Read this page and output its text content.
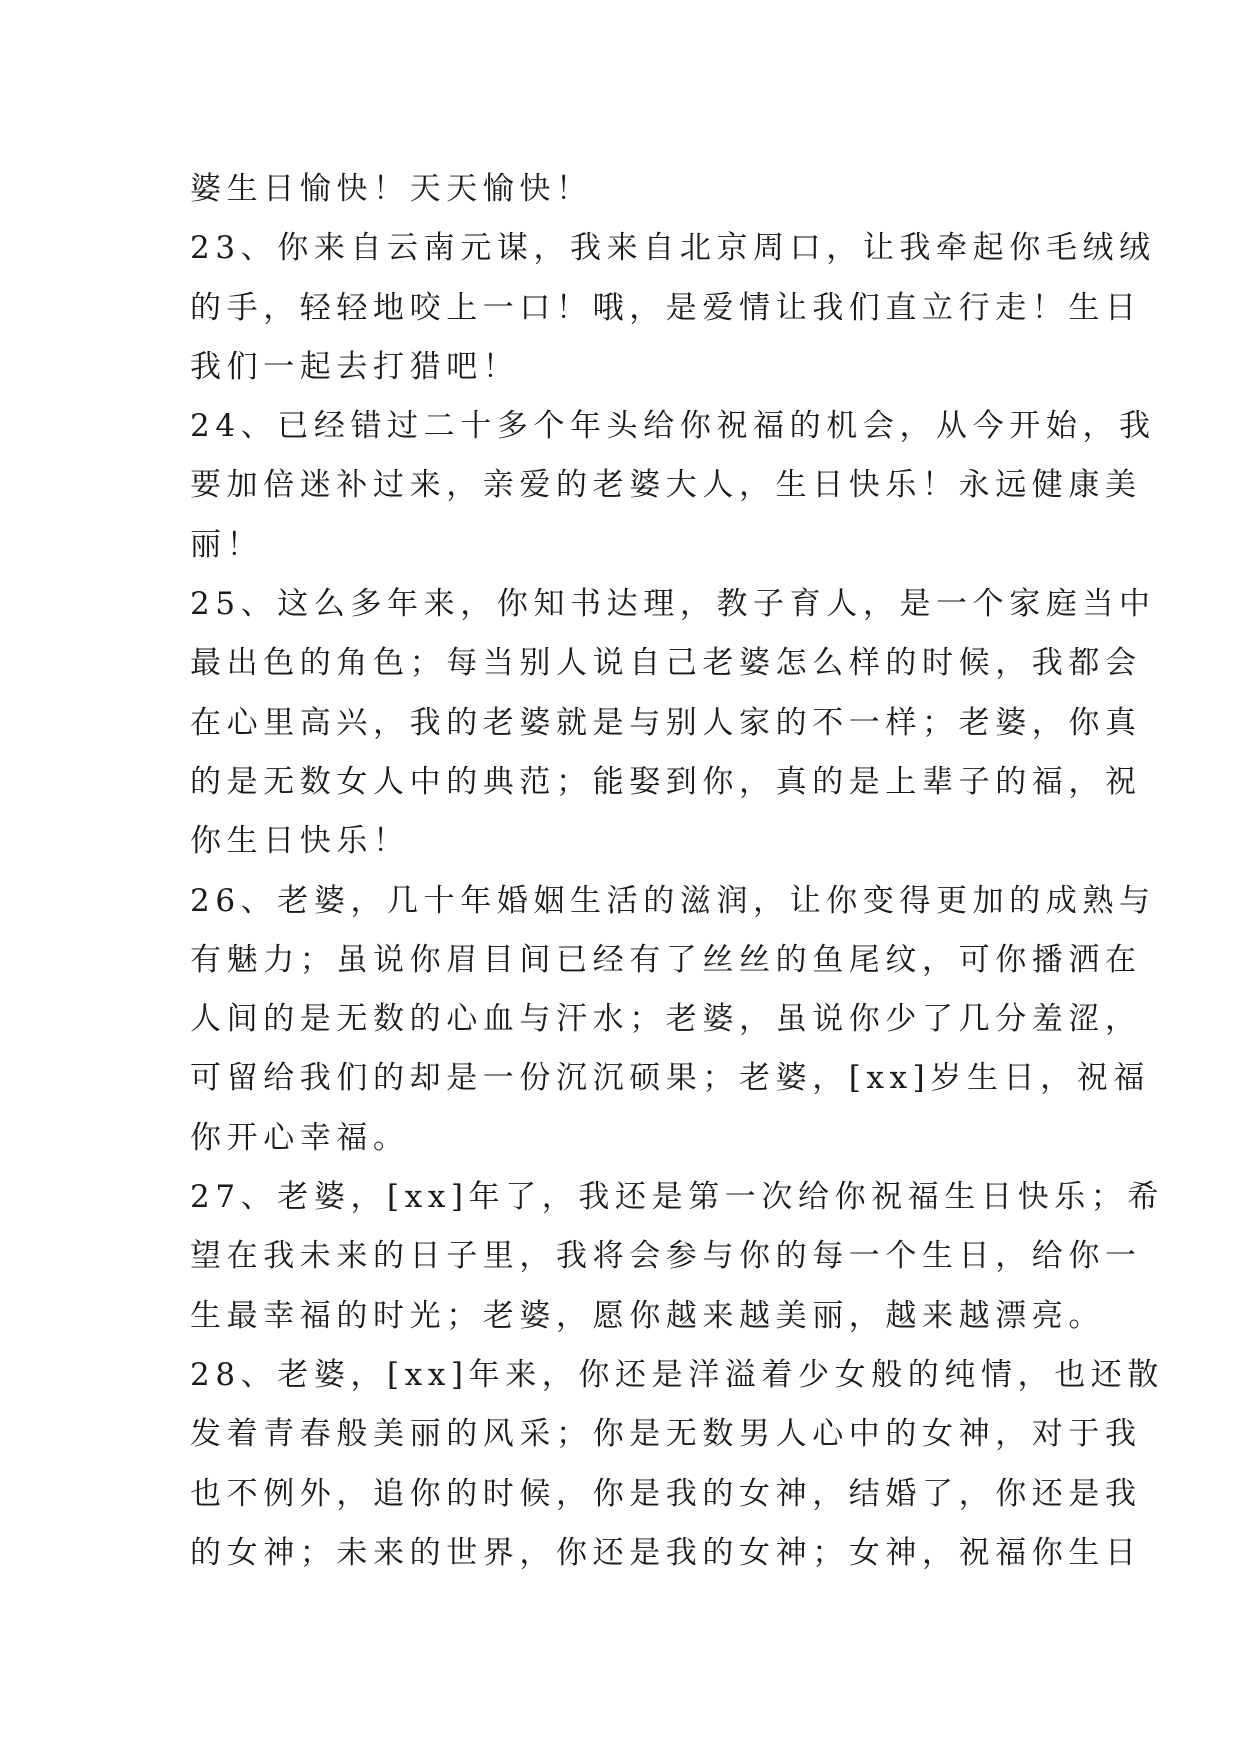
婆生日愉快！天天愉快！
23、你来自云南元谋，我来自北京周口，让我牵起你毛绒绒
的手，轻轻地咬上一口！哦，是爱情让我们直立行走！生日
我们一起去打猎吧！
24、已经错过二十多个年头给你祝福的机会，从今开始，我
要加倍迷补过来，亲爱的老婆大人，生日快乐！永远健康美
丽！
25、这么多年来，你知书达理，教子育人，是一个家庭当中
最出色的角色；每当别人说自己老婆怎么样的时候，我都会
在心里高兴，我的老婆就是与别人家的不一样；老婆，你真
的是无数女人中的典范；能娶到你，真的是上辈子的福，祝
你生日快乐！
26、老婆，几十年婚姻生活的滋润，让你变得更加的成熟与
有魅力；虽说你眉目间已经有了丝丝的鱼尾纹，可你播洒在
人间的是无数的心血与汗水；老婆，虽说你少了几分羞涩，
可留给我们的却是一份沉沉硕果；老婆，[xx]岁生日，祝福
你开心幸福。
27、老婆，[xx]年了，我还是第一次给你祝福生日快乐；希
望在我未来的日子里，我将会参与你的每一个生日，给你一
生最幸福的时光；老婆，愿你越来越美丽，越来越漂亮。
28、老婆，[xx]年来，你还是洋溢着少女般的纯情，也还散
发着青春般美丽的风采；你是无数男人心中的女神，对于我
也不例外，追你的时候，你是我的女神，结婚了，你还是我
的女神；未来的世界，你还是我的女神；女神，祝福你生日
